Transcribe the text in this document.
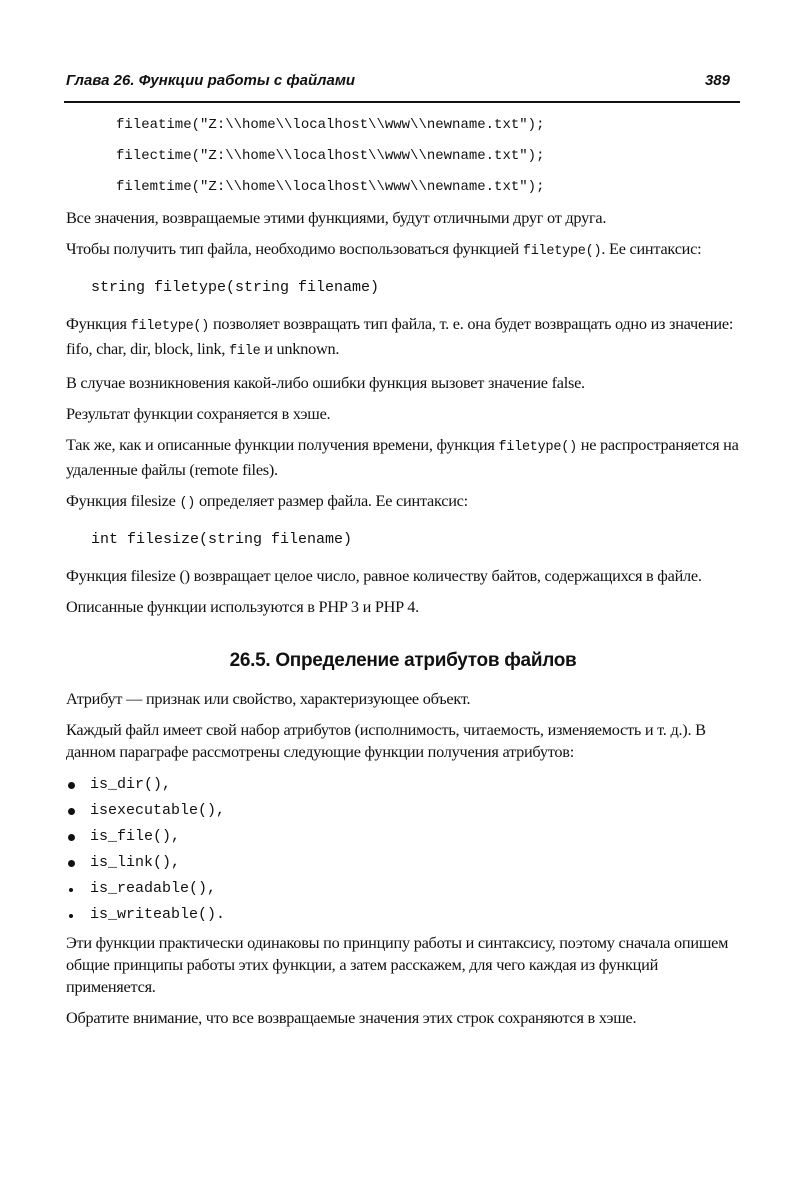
Глава 26. Функции работы с файлами	389
fileatime("Z:\\home\\localhost\\www\\newname.txt");
filectime("Z:\\home\\localhost\\www\\newname.txt");
filemtime("Z:\\home\\localhost\\www\\newname.txt");

Все значения, возвращаемые этими функциями, будут отличными друг от друга.

Чтобы получить тип файла, необходимо воспользоваться функцией filetype(). Ее синтаксис:

string filetype(string filename)

Функция filetype() позволяет возвращать тип файла, т. е. она будет возвращать одно из значение: fifo, char, dir, block, link, file и unknown.

В случае возникновения какой-либо ошибки функция вызовет значение false.

Результат функции сохраняется в хэше.

Так же, как и описанные функции получения времени, функция filetype() не распространяется на удаленные файлы (remote files).

Функция filesize () определяет размер файла. Ее синтаксис:

int filesize(string filename)

Функция filesize () возвращает целое число, равное количеству байтов, содержащихся в файле.

Описанные функции используются в PHP 3 и PHP 4.

26.5. Определение атрибутов файлов

Атрибут — признак или свойство, характеризующее объект.

Каждый файл имеет свой набор атрибутов (исполнимость, читаемость, изменяемость и т. д.). В данном параграфе рассмотрены следующие функции получения атрибутов:

is_dir(),
isexecutable(),
is_file(),
is_link(),
is_readable(),
is_writeable().

Эти функции практически одинаковы по принципу работы и синтаксису, поэтому сначала опишем общие принципы работы этих функции, а затем расскажем, для чего каждая из функций применяется.

Обратите внимание, что все возвращаемые значения этих строк сохраняются в хэше.
